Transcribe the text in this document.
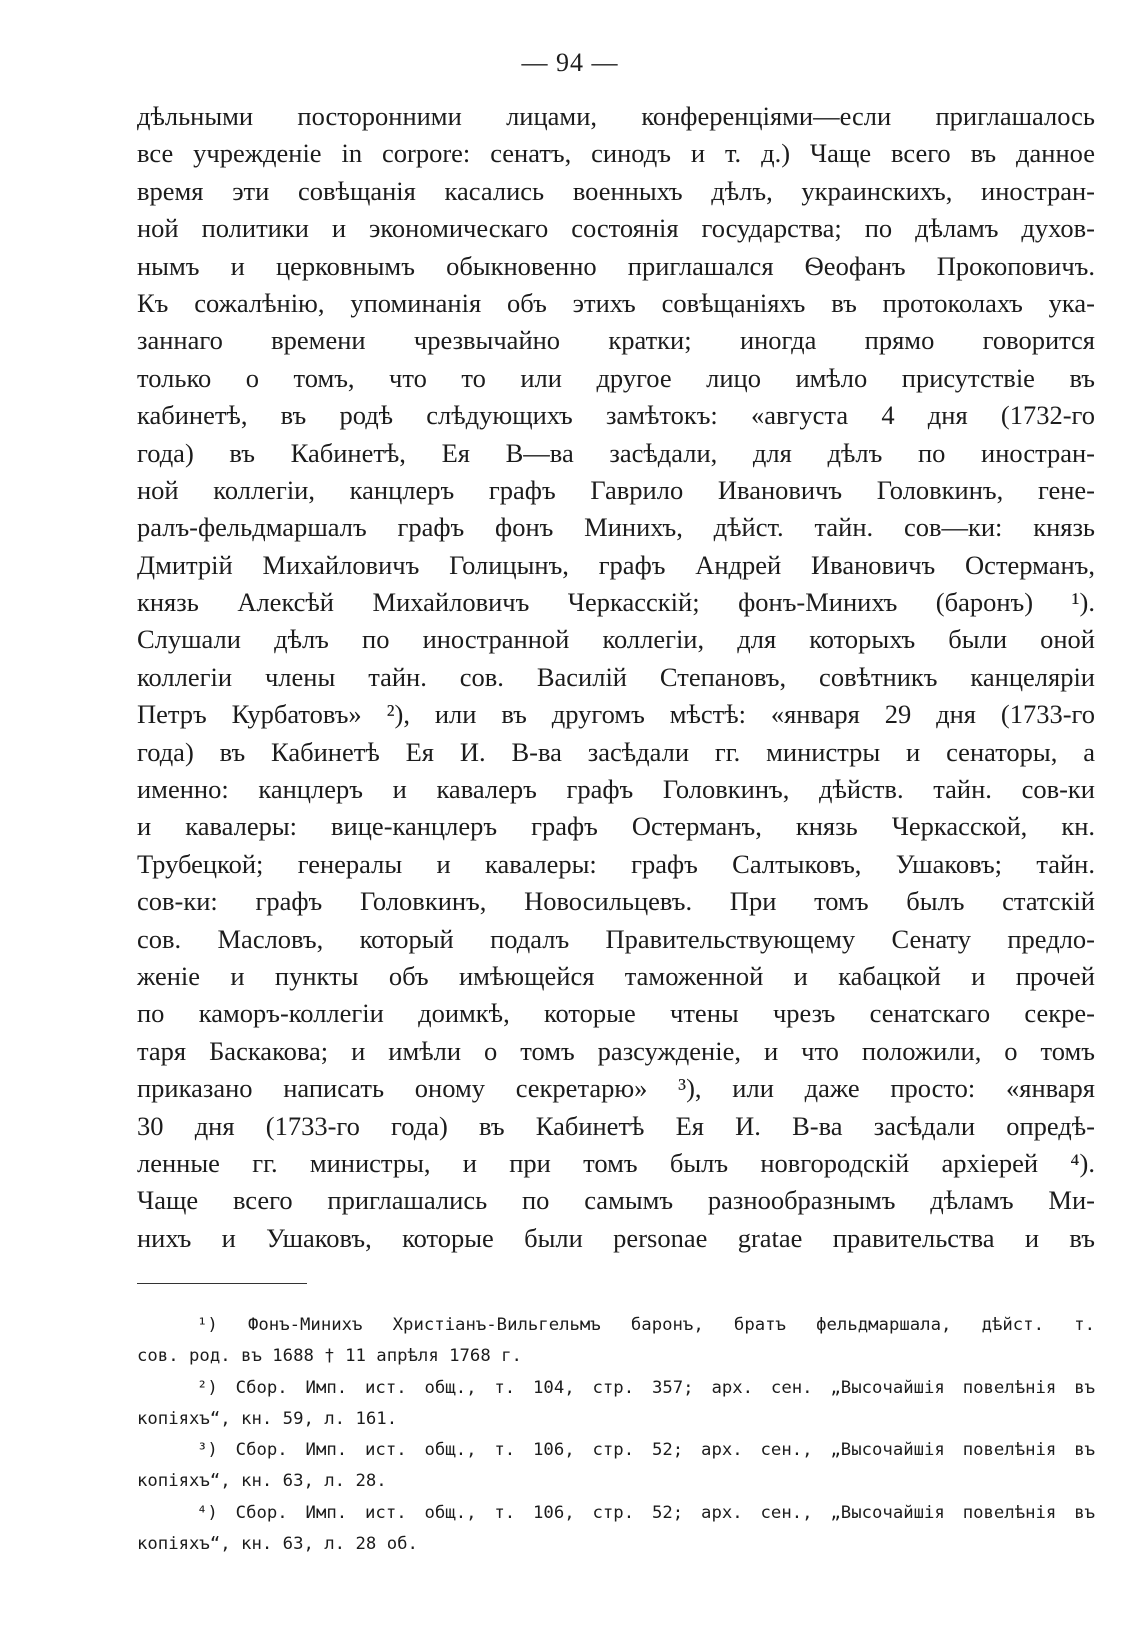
— 94 —
дѣльными посторонними лицами, конференціями—если приглашалось
все учрежденіе in corpore: сенатъ, синодъ и т. д.) Чаще всего въ данное
время эти совѣщанія касались военныхъ дѣлъ, украинскихъ, иностран-
ной политики и экономическаго состоянія государства; по дѣламъ духов-
нымъ и церковнымъ обыкновенно приглашался Ѳеофанъ Прокоповичъ.
Къ сожалѣнію, упоминанія объ этихъ совѣщаніяхъ въ протоколахъ ука-
заннаго времени чрезвычайно кратки; иногда прямо говорится
только о томъ, что то или другое лицо имѣло присутствіе въ
кабинетѣ, въ родѣ слѣдующихъ замѣтокъ: «августа 4 дня (1732-го
года) въ Кабинетѣ, Ея В—ва засѣдали, для дѣлъ по иностран-
ной коллегіи, канцлеръ графъ Гаврило Ивановичъ Головкинъ, гене-
ралъ-фельдмаршалъ графъ фонъ Минихъ, дѣйст. тайн. сов—ки: князь
Дмитрій Михайловичъ Голицынъ, графъ Андрей Ивановичъ Остерманъ,
князь Алексѣй Михайловичъ Черкасскій; фонъ-Минихъ (баронъ) ¹).
Слушали дѣлъ по иностранной коллегіи, для которыхъ были оной
коллегіи члены тайн. сов. Василій Степановъ, совѣтникъ канцеляріи
Петръ Курбатовъ» ²), или въ другомъ мѣстѣ: «января 29 дня (1733-го
года) въ Кабинетѣ Ея И. В-ва засѣдали гг. министры и сенаторы, а
именно: канцлеръ и кавалеръ графъ Головкинъ, дѣйств. тайн. сов-ки
и кавалеры: вице-канцлеръ графъ Остерманъ, князь Черкасской, кн.
Трубецкой; генералы и кавалеры: графъ Салтыковъ, Ушаковъ; тайн.
сов-ки: графъ Головкинъ, Новосильцевъ. При томъ былъ статскій
сов. Масловъ, который подалъ Правительствующему Сенату предло-
женіе и пункты объ имѣющейся таможенной и кабацкой и прочей
по каморъ-коллегіи доимкѣ, которые чтены чрезъ сенатскаго секре-
таря Баскакова; и имѣли о томъ разсужденіе, и что положили, о томъ
приказано написать оному секретарю» ³), или даже просто: «января
30 дня (1733-го года) въ Кабинетѣ Ея И. В-ва засѣдали опредѣ-
ленные гг. министры, и при томъ былъ новгородскій архіерей ⁴).
Чаще всего приглашались по самымъ разнообразнымъ дѣламъ Ми-
нихъ и Ушаковъ, которые были personae gratae правительства и въ
¹) Фонъ-Минихъ Христіанъ-Вильгельмъ баронъ, братъ фельдмаршала, дѣйст. т.
сов. род. въ 1688 † 11 апрѣля 1768 г.
²) Сбор. Имп. ист. общ., т. 104, стр. 357; арх. сен. „Высочайшія повелѣнія въ
копіяхъ“, кн. 59, л. 161.
³) Сбор. Имп. ист. общ., т. 106, стр. 52; арх. сен., „Высочайшія повелѣнія въ
копіяхъ“, кн. 63, л. 28.
⁴) Сбор. Имп. ист. общ., т. 106, стр. 52; арх. сен., „Высочайшія повелѣнія въ
копіяхъ“, кн. 63, л. 28 об.
